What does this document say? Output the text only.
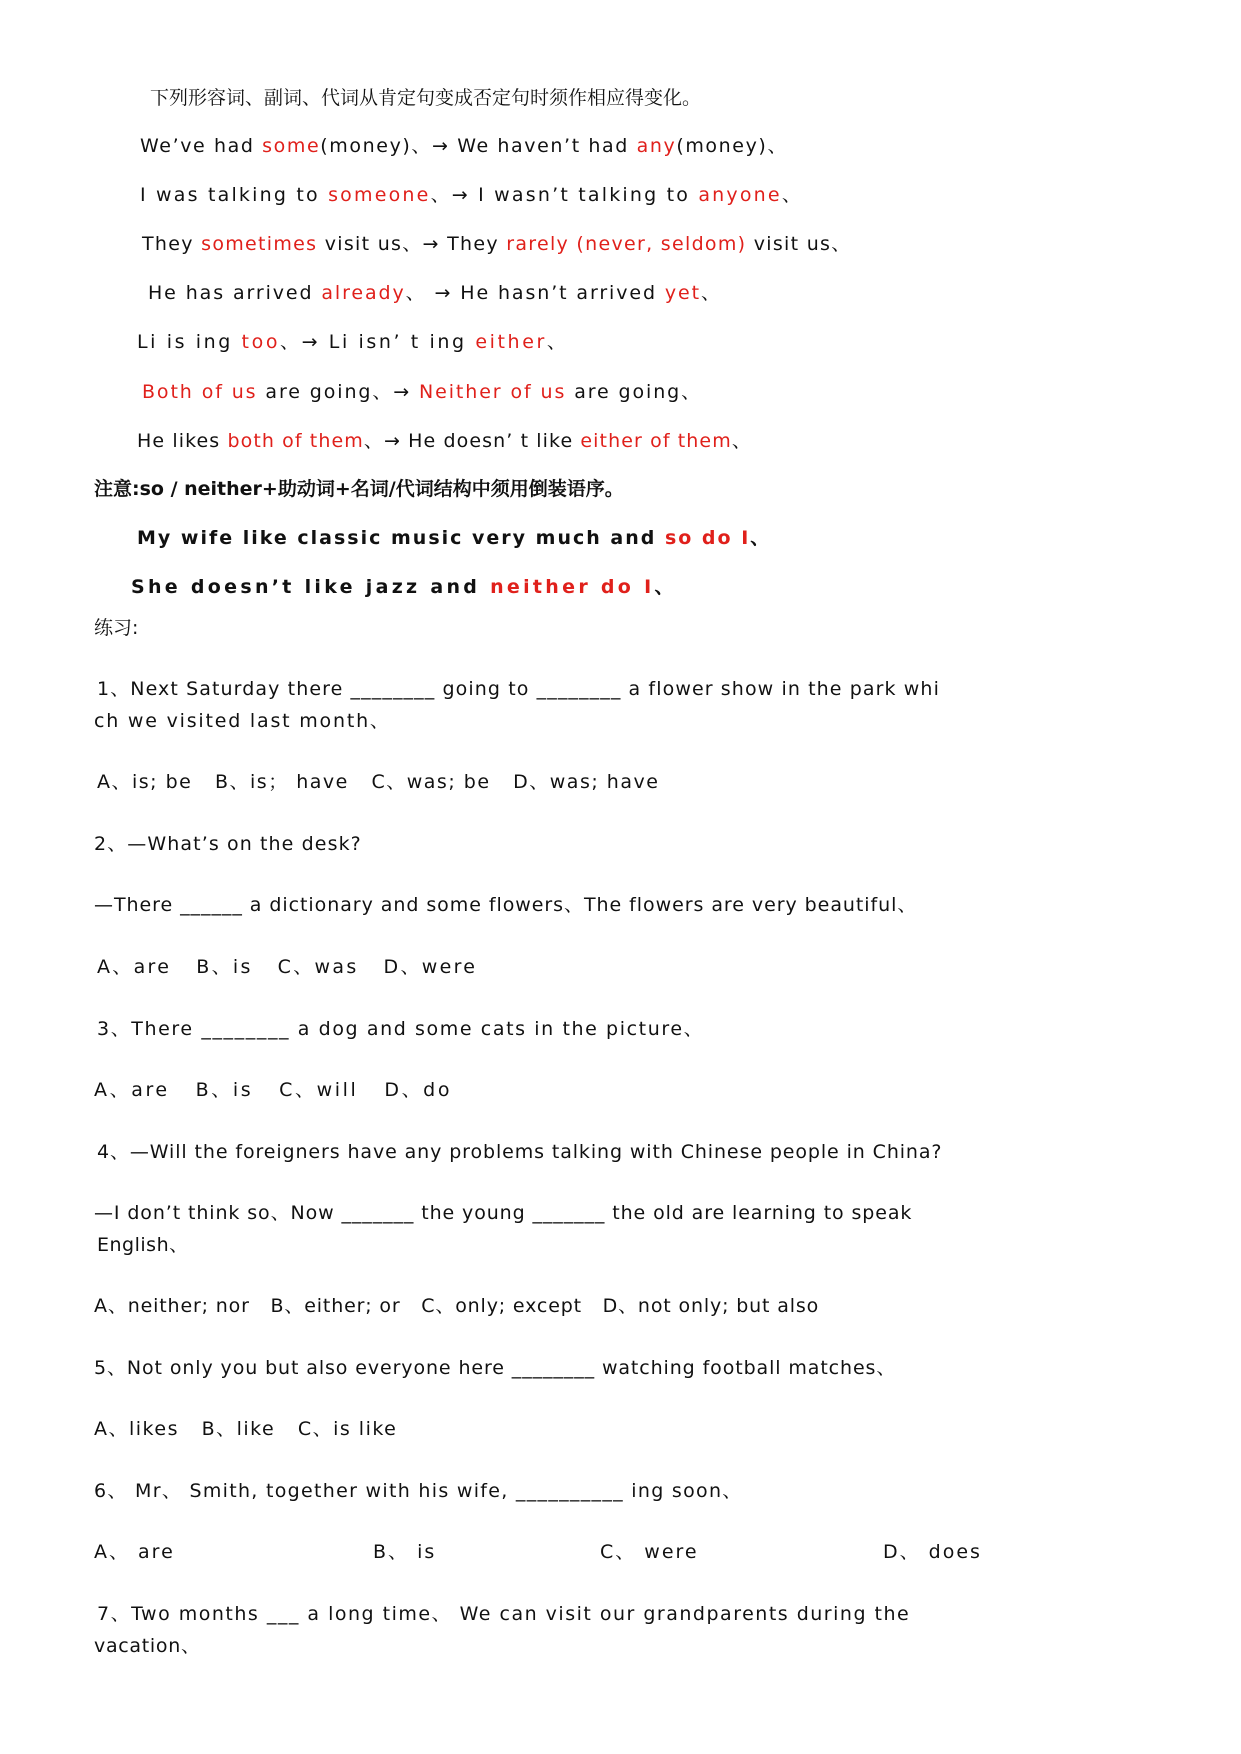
下列形容词、副词、代词从肯定句变成否定句时须作相应得变化。
We’ve had some(money)、→ We haven’t had any(money)、
I was talking to someone、→ I wasn’t talking to anyone、
They sometimes visit us、→ They rarely (never, seldom) visit us、
He has arrived already、 → He hasn’t arrived yet、
Li is ing too、→ Li isn’ t ing either、
Both of us are going、→ Neither of us are going、
He likes both of them、→ He doesn’ t like either of them、
注意:so / neither+助动词+名词/代词结构中须用倒装语序。
My wife like classic music very much and so do I、
She doesn’t like jazz and neither do I、
练习:
1、Next Saturday there ________ going to ________ a flower show in the park whi
ch we visited last month、
A、is; be   B、is； have   C、was; be   D、was; have
2、—What’s on the desk?
—There ______ a dictionary and some flowers、The flowers are very beautiful、
A、are   B、is   C、was   D、were
3、There ________ a dog and some cats in the picture、
A、are   B、is   C、will   D、do
4、—Will the foreigners have any problems talking with Chinese people in China?
—I don’t think so、Now _______ the young _______ the old are learning to speak
English、
A、neither; nor   B、either; or   C、only; except   D、not only; but also
5、Not only you but also everyone here ________ watching football matches、
A、likes   B、like   C、is like
6、 Mr、 Smith, together with his wife, __________ ing soon、
A、 are	B、 is	C、 were	D、 does
7、Two months ___ a long time、 We can visit our grandparents during the
vacation、
